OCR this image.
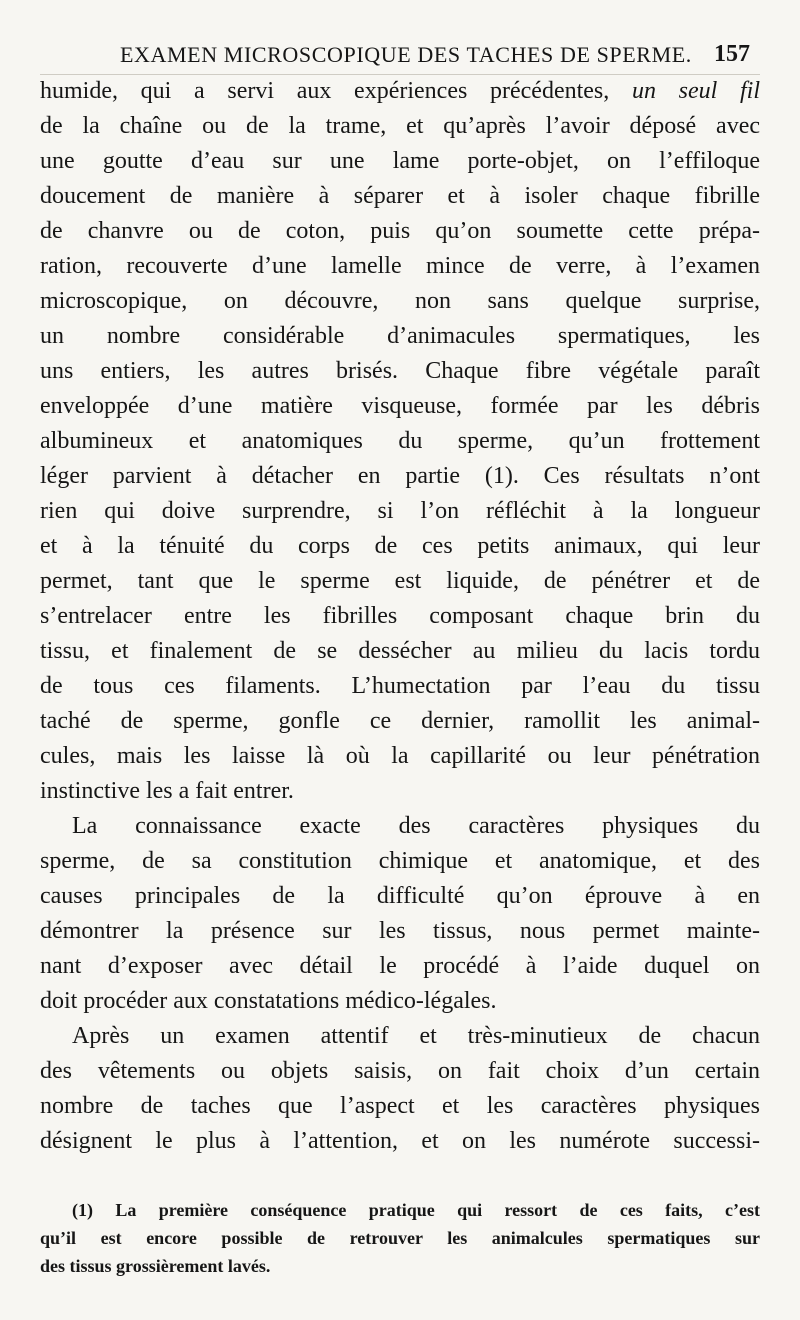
EXAMEN MICROSCOPIQUE DES TACHES DE SPERME. 157
humide, qui a servi aux expériences précédentes, un seul fil
de la chaîne ou de la trame, et qu’après l’avoir déposé avec
une goutte d’eau sur une lame porte-objet, on l’effiloque
doucement de manière à séparer et à isoler chaque fibrille
de chanvre ou de coton, puis qu’on soumette cette prépa-
ration, recouverte d’une lamelle mince de verre, à l’examen
microscopique, on découvre, non sans quelque surprise,
un nombre considérable d’animacules spermatiques, les
uns entiers, les autres brisés. Chaque fibre végétale paraît
enveloppée d’une matière visqueuse, formée par les débris
albumineux et anatomiques du sperme, qu’un frottement
léger parvient à détacher en partie (1). Ces résultats n’ont
rien qui doive surprendre, si l’on réfléchit à la longueur
et à la ténuité du corps de ces petits animaux, qui leur
permet, tant que le sperme est liquide, de pénétrer et de
s’entrelacer entre les fibrilles composant chaque brin du
tissu, et finalement de se dessécher au milieu du lacis tordu
de tous ces filaments. L’humectation par l’eau du tissu
taché de sperme, gonfle ce dernier, ramollit les animal-
cules, mais les laisse là où la capillarité ou leur pénétration
instinctive les a fait entrer.
La connaissance exacte des caractères physiques du
sperme, de sa constitution chimique et anatomique, et des
causes principales de la difficulté qu’on éprouve à en
démontrer la présence sur les tissus, nous permet mainte-
nant d’exposer avec détail le procédé à l’aide duquel on
doit procéder aux constatations médico-légales.
Après un examen attentif et très-minutieux de chacun
des vêtements ou objets saisis, on fait choix d’un certain
nombre de taches que l’aspect et les caractères physiques
désignent le plus à l’attention, et on les numérote successi-
(1) La première conséquence pratique qui ressort de ces faits, c’est
qu’il est encore possible de retrouver les animalcules spermatiques sur
des tissus grossièrement lavés.
